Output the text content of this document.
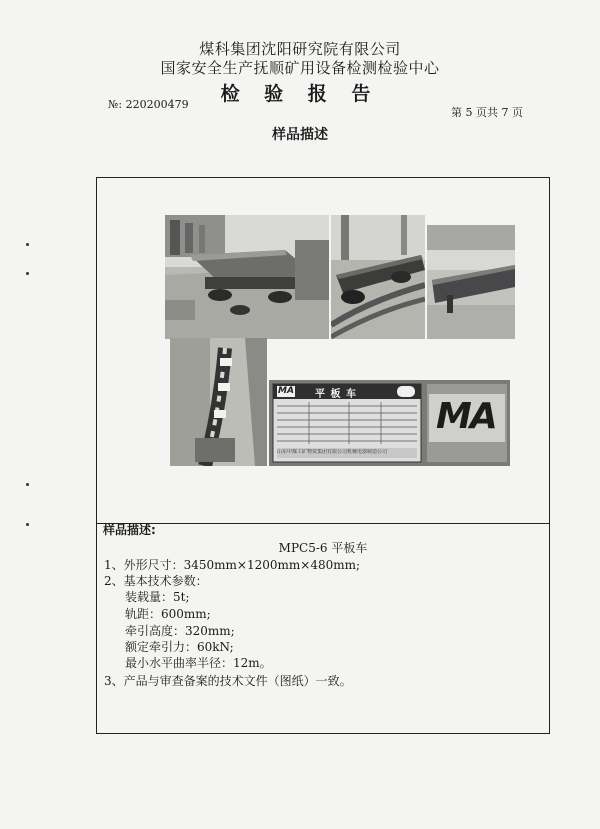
煤科集团沈阳研究院有限公司
国家安全生产抚顺矿用设备检测检验中心
检 验 报 告
№: 220200479
第 5 页共 7 页
样品描述
MA 平 板 车
山东中煤工矿物资集团有限公司机械电器制造公司
MA
样品描述:
MPC5-6 平板车
1、外形尺寸：3450mm×1200mm×480mm;
2、基本技术参数：
装载量：5t;
轨距：600mm;
牵引高度：320mm;
额定牵引力：60kN;
最小水平曲率半径：12m。
3、产品与审查备案的技术文件（图纸）一致。
